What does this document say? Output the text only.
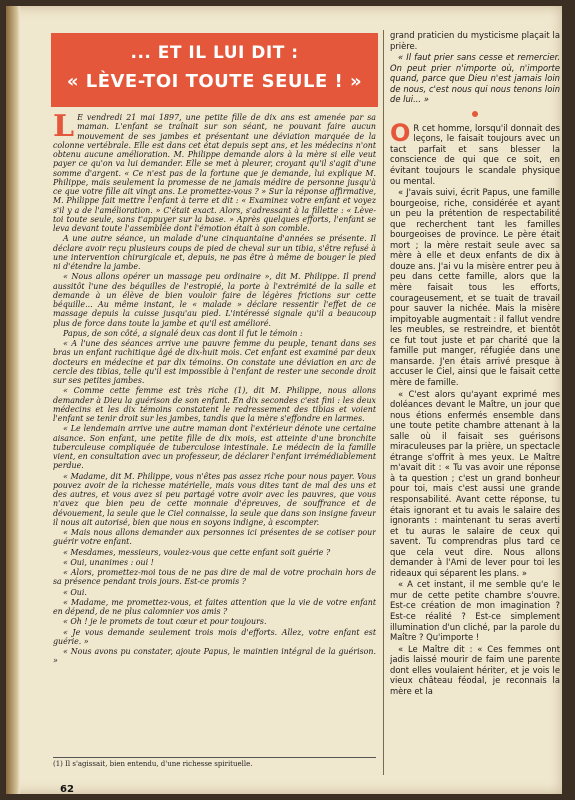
... ET IL LUI DIT :
« LÈVE-TOI TOUTE SEULE ! »

L E vendredi 21 mai 1897, une petite fille de dix ans est amenée par sa maman. L'enfant se traînait sur son séant, ne pouvant faire aucun mouvement de ses jambes et présentant une déviation marquée de la colonne vertébrale. Elle est dans cet état depuis sept ans, et les médecins n'ont obtenu aucune amélioration. M. Philippe demande alors à la mère si elle veut payer ce qu'on va lui demander. Elle se met à pleurer, croyant qu'il s'agit d'une somme d'argent. « Ce n'est pas de la fortune que je demande, lui explique M. Philippe, mais seulement la promesse de ne jamais médire de personne jusqu'à ce que votre fille ait vingt ans. Le promettez-vous ? » Sur la réponse affirmative, M. Philippe fait mettre l'enfant à terre et dit : « Examinez votre enfant et voyez s'il y a de l'amélioration. » C'était exact. Alors, s'adressant à la fillette : « Lève-toi toute seule, sans t'appuyer sur la base. » Après quelques efforts, l'enfant se leva devant toute l'assemblée dont l'émotion était à son comble.

A une autre séance, un malade d'une cinquantaine d'années se présente. Il déclare avoir reçu plusieurs coups de pied de cheval sur un tibia, s'être refusé à une intervention chirurgicale et, depuis, ne pas être à même de bouger le pied ni d'étendre la jambe.

« Nous allons opérer un massage peu ordinaire », dit M. Philippe. Il prend aussitôt l'une des béquilles de l'estropié, la porte à l'extrémité de la salle et demande à un élève de bien vouloir faire de légères frictions sur cette béquille... Au même instant, le « malade » déclare ressentir l'effet de ce massage depuis la cuisse jusqu'au pied. L'intéressé signale qu'il a beaucoup plus de force dans toute la jambe et qu'il est amélioré.

Papus, de son côté, a signalé deux cas dont il fut le témoin :

« A l'une des séances arrive une pauvre femme du peuple, tenant dans ses bras un enfant rachitique âgé de dix-huit mois. Cet enfant est examiné par deux docteurs en médecine et par dix témoins. On constate une déviation en arc de cercle des tibias, telle qu'il est impossible à l'enfant de rester une seconde droit sur ses petites jambes.

« Comme cette femme est très riche (1), dit M. Philippe, nous allons demander à Dieu la guérison de son enfant. En dix secondes c'est fini : les deux médecins et les dix témoins constatent le redressement des tibias et voient l'enfant se tenir droit sur les jambes, tandis que la mère s'effondre en larmes.

« Le lendemain arrive une autre maman dont l'extérieur dénote une certaine aisance. Son enfant, une petite fille de dix mois, est atteinte d'une bronchite tuberculeuse compliquée de tuberculose intestinale. Le médecin de la famille vient, en consultation avec un professeur, de déclarer l'enfant irrémédiablement perdue.

« Madame, dit M. Philippe, vous n'êtes pas assez riche pour nous payer. Vous pouvez avoir de la richesse matérielle, mais vous dites tant de mal des uns et des autres, et vous avez si peu partagé votre avoir avec les pauvres, que vous n'avez que bien peu de cette monnaie d'épreuves, de souffrance et de dévouement, la seule que le Ciel connaisse, la seule que dans son insigne faveur il nous ait autorisé, bien que nous en soyons indigne, à escompter.

« Mais nous allons demander aux personnes ici présentes de se cotiser pour guérir votre enfant.

« Mesdames, messieurs, voulez-vous que cette enfant soit guérie ?

« Oui, unanimes : oui !

« Alors, promettez-moi tous de ne pas dire de mal de votre prochain hors de sa présence pendant trois jours. Est-ce promis ?

« Oui.

« Madame, me promettez-vous, et faites attention que la vie de votre enfant en dépend, de ne plus calomnier vos amis ?

« Oh ! je le promets de tout cœur et pour toujours.

« Je vous demande seulement trois mois d'efforts. Allez, votre enfant est guérie. »

« Nous avons pu constater, ajoute Papus, le maintien intégral de la guérison. »

(1) Il s'agissait, bien entendu, d'une richesse spirituelle.
62

grand praticien du mysticisme plaçait la prière.

« Il faut prier sans cesse et remercier. On peut prier n'importe où, n'importe quand, parce que Dieu n'est jamais loin de nous, c'est nous qui nous tenons loin de lui... »

O R cet homme, lorsqu'il donnait des leçons, le faisait toujours avec un tact parfait et sans blesser la conscience de qui que ce soit, en évitant toujours le scandale physique ou mental.

« J'avais suivi, écrit Papus, une famille bourgeoise, riche, considérée et ayant un peu la prétention de respectabilité que recherchent tant les familles bourgeoises de province. Le père était mort ; la mère restait seule avec sa mère à elle et deux enfants de dix à douze ans. J'ai vu la misère entrer peu à peu dans cette famille, alors que la mère faisait tous les efforts, courageusement, et se tuait de travail pour sauver la nichée. Mais la misère impitoyable augmentait : il fallut vendre les meubles, se restreindre, et bientôt ce fut tout juste et par charité que la famille put manger, réfugiée dans une mansarde. J'en étais arrivé presque à accuser le Ciel, ainsi que le faisait cette mère de famille.

« C'est alors qu'ayant exprimé mes doléances devant le Maître, un jour que nous étions enfermés ensemble dans une toute petite chambre attenant à la salle où il faisait ses guérisons miraculeuses par la prière, un spectacle étrange s'offrit à mes yeux. Le Maître m'avait dit : « Tu vas avoir une réponse à ta question ; c'est un grand bonheur pour toi, mais c'est aussi une grande responsabilité. Avant cette réponse, tu étais ignorant et tu avais le salaire des ignorants : maintenant tu seras averti et tu auras le salaire de ceux qui savent. Tu comprendras plus tard ce que cela veut dire. Nous allons demander à l'Ami de lever pour toi les rideaux qui séparent les plans. »

« A cet instant, il me semble qu'e le mur de cette petite chambre s'ouvre. Est-ce création de mon imagination ? Est-ce réalité ? Est-ce simplement illumination d'un cliché, par la parole du Maître ? Qu'importe !

« Le Maître dit : « Ces femmes ont jadis laissé mourir de faim une parente dont elles voulaient hériter, et je vois le vieux château féodal, je reconnais la mère et la
